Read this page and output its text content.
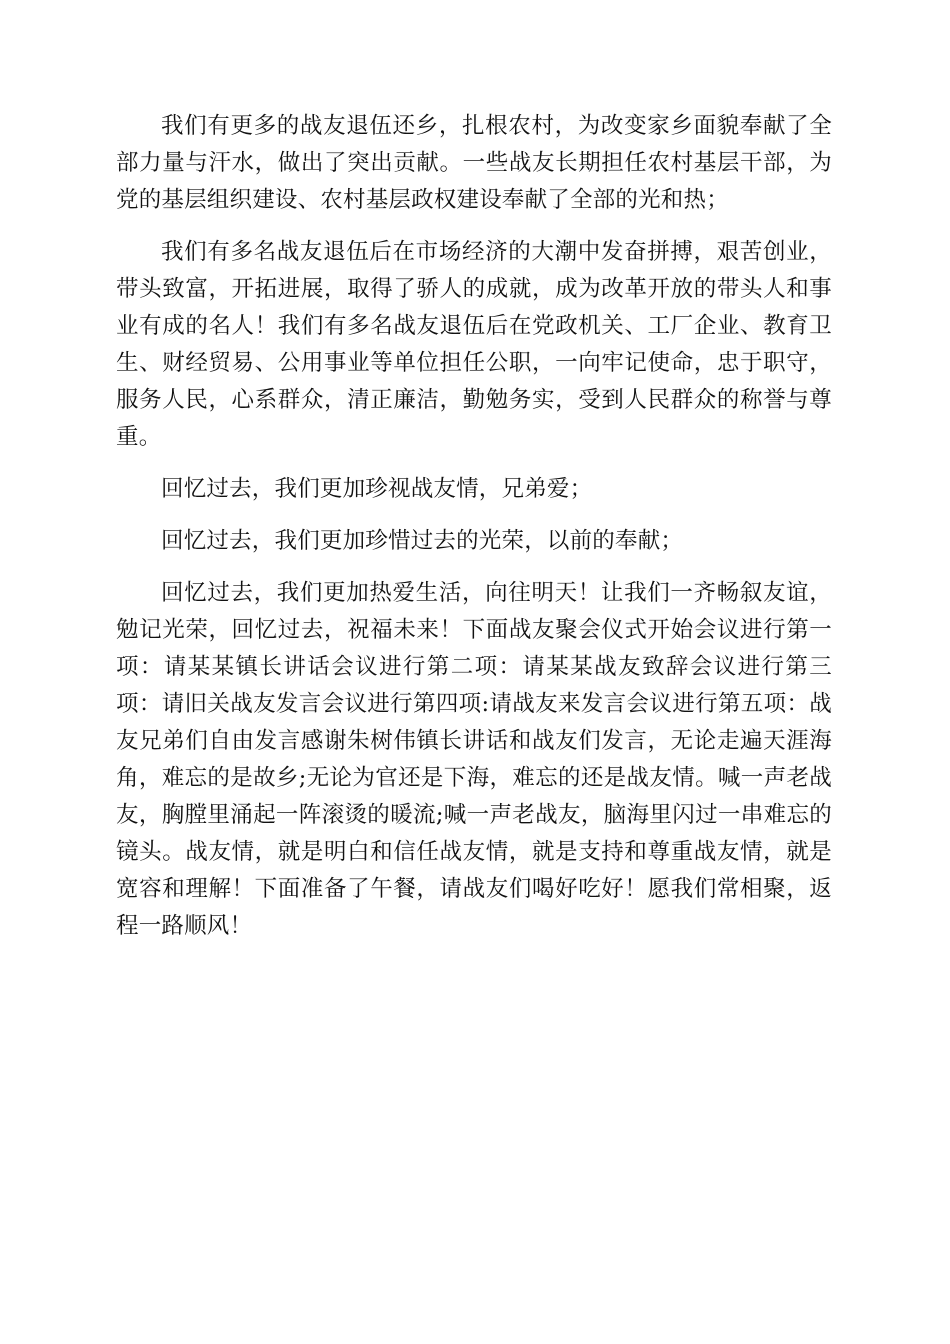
我们有更多的战友退伍还乡，扎根农村，为改变家乡面貌奉献了全部力量与汗水，做出了突出贡献。一些战友长期担任农村基层干部，为党的基层组织建设、农村基层政权建设奉献了全部的光和热；

我们有多名战友退伍后在市场经济的大潮中发奋拼搏，艰苦创业，带头致富，开拓进展，取得了骄人的成就，成为改革开放的带头人和事业有成的名人！我们有多名战友退伍后在党政机关、工厂企业、教育卫生、财经贸易、公用事业等单位担任公职，一向牢记使命，忠于职守，服务人民，心系群众，清正廉洁，勤勉务实，受到人民群众的称誉与尊重。

回忆过去，我们更加珍视战友情，兄弟爱；

回忆过去，我们更加珍惜过去的光荣，以前的奉献；

回忆过去，我们更加热爱生活，向往明天！让我们一齐畅叙友谊，勉记光荣，回忆过去，祝福未来！下面战友聚会仪式开始会议进行第一项：请某某镇长讲话会议进行第二项：请某某战友致辞会议进行第三项：请旧关战友发言会议进行第四项:请战友来发言会议进行第五项：战友兄弟们自由发言感谢朱树伟镇长讲话和战友们发言，无论走遍天涯海角，难忘的是故乡;无论为官还是下海，难忘的还是战友情。喊一声老战友，胸膛里涌起一阵滚烫的暖流;喊一声老战友，脑海里闪过一串难忘的镜头。战友情，就是明白和信任战友情，就是支持和尊重战友情，就是宽容和理解！下面准备了午餐，请战友们喝好吃好！愿我们常相聚，返程一路顺风！
